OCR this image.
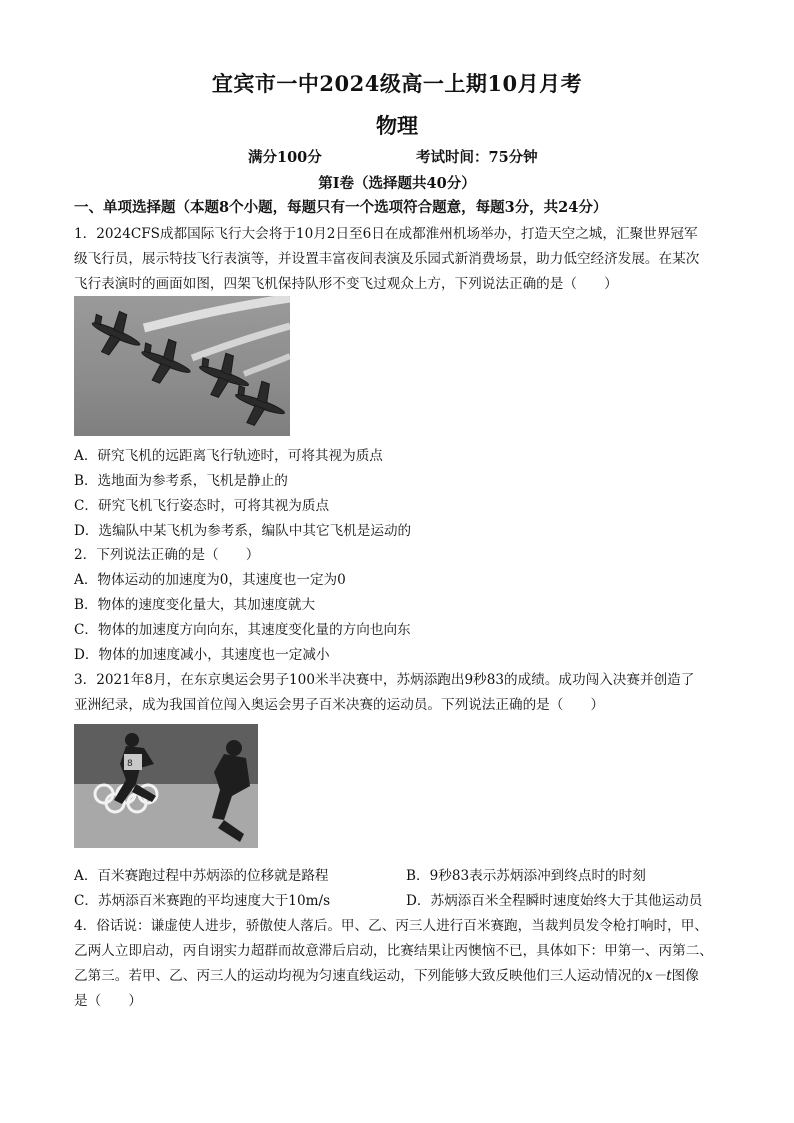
宜宾市一中2024级高一上期10月月考
物理
满分100分	考试时间：75分钟
第Ⅰ卷（选择题共40分）
一、单项选择题（本题8个小题，每题只有一个选项符合题意，每题3分，共24分）
1．2024CFS成都国际飞行大会将于10月2日至6日在成都淮州机场举办，打造天空之城，汇聚世界冠军
级飞行员，展示特技飞行表演等，并设置丰富夜间表演及乐园式新消费场景，助力低空经济发展。在某次
飞行表演时的画面如图，四架飞机保持队形不变飞过观众上方，下列说法正确的是（　　）
A．研究飞机的远距离飞行轨迹时，可将其视为质点
B．选地面为参考系，飞机是静止的
C．研究飞机飞行姿态时，可将其视为质点
D．选编队中某飞机为参考系，编队中其它飞机是运动的
2．下列说法正确的是（　　）
A．物体运动的加速度为0，其速度也一定为0
B．物体的速度变化量大，其加速度就大
C．物体的加速度方向向东，其速度变化量的方向也向东
D．物体的加速度减小，其速度也一定减小
3．2021年8月，在东京奥运会男子100米半决赛中，苏炳添跑出9秒83的成绩。成功闯入决赛并创造了
亚洲纪录，成为我国首位闯入奥运会男子百米决赛的运动员。下列说法正确的是（　　）
8
A．百米赛跑过程中苏炳添的位移就是路程	B．9秒83表示苏炳添冲到终点时的时刻
C．苏炳添百米赛跑的平均速度大于10m/s	D．苏炳添百米全程瞬时速度始终大于其他运动员
4．俗话说：谦虚使人进步，骄傲使人落后。甲、乙、丙三人进行百米赛跑，当裁判员发令枪打响时，甲、
乙两人立即启动，丙自诩实力超群而故意滞后启动，比赛结果让丙懊恼不已，具体如下：甲第一、丙第二、
乙第三。若甲、乙、丙三人的运动均视为匀速直线运动，下列能够大致反映他们三人运动情况的x－t图像
是（　　）
